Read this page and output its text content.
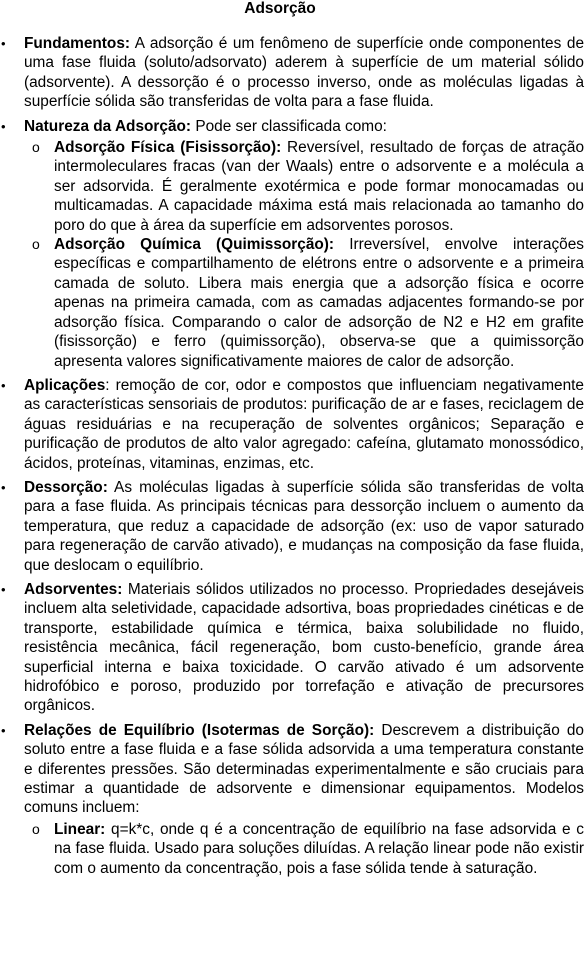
Adsorção
•	Fundamentos: A adsorção é um fenômeno de superfície onde componentes de uma fase fluida (soluto/adsorvato) aderem à superfície de um material sólido (adsorvente). A dessorção é o processo inverso, onde as moléculas ligadas à superfície sólida são transferidas de volta para a fase fluida.
•	Natureza da Adsorção: Pode ser classificada como:
o Adsorção Física (Fisissorção): Reversível, resultado de forças de atração intermoleculares fracas (van der Waals) entre o adsorvente e a molécula a ser adsorvida. É geralmente exotérmica e pode formar monocamadas ou multicamadas. A capacidade máxima está mais relacionada ao tamanho do poro do que à área da superfície em adsorventes porosos.
o Adsorção Química (Quimissorção): Irreversível, envolve interações específicas e compartilhamento de elétrons entre o adsorvente e a primeira camada de soluto. Libera mais energia que a adsorção física e ocorre apenas na primeira camada, com as camadas adjacentes formando-se por adsorção física. Comparando o calor de adsorção de N2 e H2 em grafite (fisissorção) e ferro (quimissorção), observa-se que a quimissorção apresenta valores significativamente maiores de calor de adsorção.
•	Aplicações: remoção de cor, odor e compostos que influenciam negativamente as características sensoriais de produtos: purificação de ar e fases, reciclagem de águas residuárias e na recuperação de solventes orgânicos; Separação e purificação de produtos de alto valor agregado: cafeína, glutamato monossódico, ácidos, proteínas, vitaminas, enzimas, etc.
•	Dessorção: As moléculas ligadas à superfície sólida são transferidas de volta para a fase fluida. As principais técnicas para dessorção incluem o aumento da temperatura, que reduz a capacidade de adsorção (ex: uso de vapor saturado para regeneração de carvão ativado), e mudanças na composição da fase fluida, que deslocam o equilíbrio.
•	Adsorventes: Materiais sólidos utilizados no processo. Propriedades desejáveis incluem alta seletividade, capacidade adsortiva, boas propriedades cinéticas e de transporte, estabilidade química e térmica, baixa solubilidade no fluido, resistência mecânica, fácil regeneração, bom custo-benefício, grande área superficial interna e baixa toxicidade. O carvão ativado é um adsorvente hidrofóbico e poroso, produzido por torrefação e ativação de precursores orgânicos.
•	Relações de Equilíbrio (Isotermas de Sorção): Descrevem a distribuição do soluto entre a fase fluida e a fase sólida adsorvida a uma temperatura constante e diferentes pressões. São determinadas experimentalmente e são cruciais para estimar a quantidade de adsorvente e dimensionar equipamentos. Modelos comuns incluem:
o Linear: q=k*c, onde q é a concentração de equilíbrio na fase adsorvida e c na fase fluida. Usado para soluções diluídas. A relação linear pode não existir com o aumento da concentração, pois a fase sólida tende à saturação.
